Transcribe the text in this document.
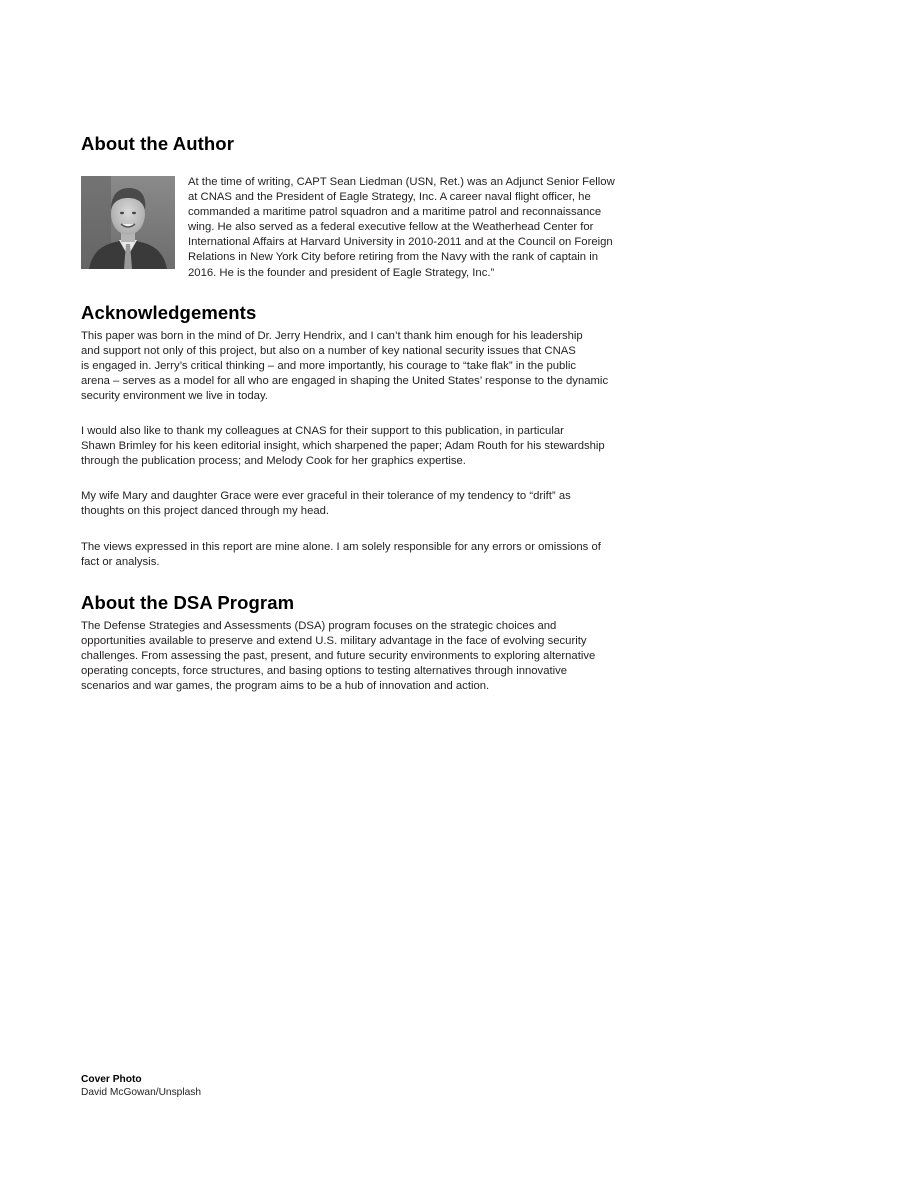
About the Author

At the time of writing, CAPT Sean Liedman (USN, Ret.) was an Adjunct Senior Fellow
at CNAS and the President of Eagle Strategy, Inc. A career naval flight officer, he
commanded a maritime patrol squadron and a maritime patrol and reconnaissance
wing. He also served as a federal executive fellow at the Weatherhead Center for
International Affairs at Harvard University in 2010-2011 and at the Council on Foreign
Relations in New York City before retiring from the Navy with the rank of captain in
2016. He is the founder and president of Eagle Strategy, Inc.”

Acknowledgements

This paper was born in the mind of Dr. Jerry Hendrix, and I can’t thank him enough for his leadership
and support not only of this project, but also on a number of key national security issues that CNAS
is engaged in. Jerry’s critical thinking – and more importantly, his courage to “take flak” in the public
arena – serves as a model for all who are engaged in shaping the United States’ response to the dynamic
security environment we live in today.

I would also like to thank my colleagues at CNAS for their support to this publication, in particular
Shawn Brimley for his keen editorial insight, which sharpened the paper; Adam Routh for his stewardship
through the publication process; and Melody Cook for her graphics expertise.

My wife Mary and daughter Grace were ever graceful in their tolerance of my tendency to “drift” as
thoughts on this project danced through my head.

The views expressed in this report are mine alone. I am solely responsible for any errors or omissions of
fact or analysis.

About the DSA Program

The Defense Strategies and Assessments (DSA) program focuses on the strategic choices and
opportunities available to preserve and extend U.S. military advantage in the face of evolving security
challenges. From assessing the past, present, and future security environments to exploring alternative
operating concepts, force structures, and basing options to testing alternatives through innovative
scenarios and war games, the program aims to be a hub of innovation and action.

Cover Photo
David McGowan/Unsplash
